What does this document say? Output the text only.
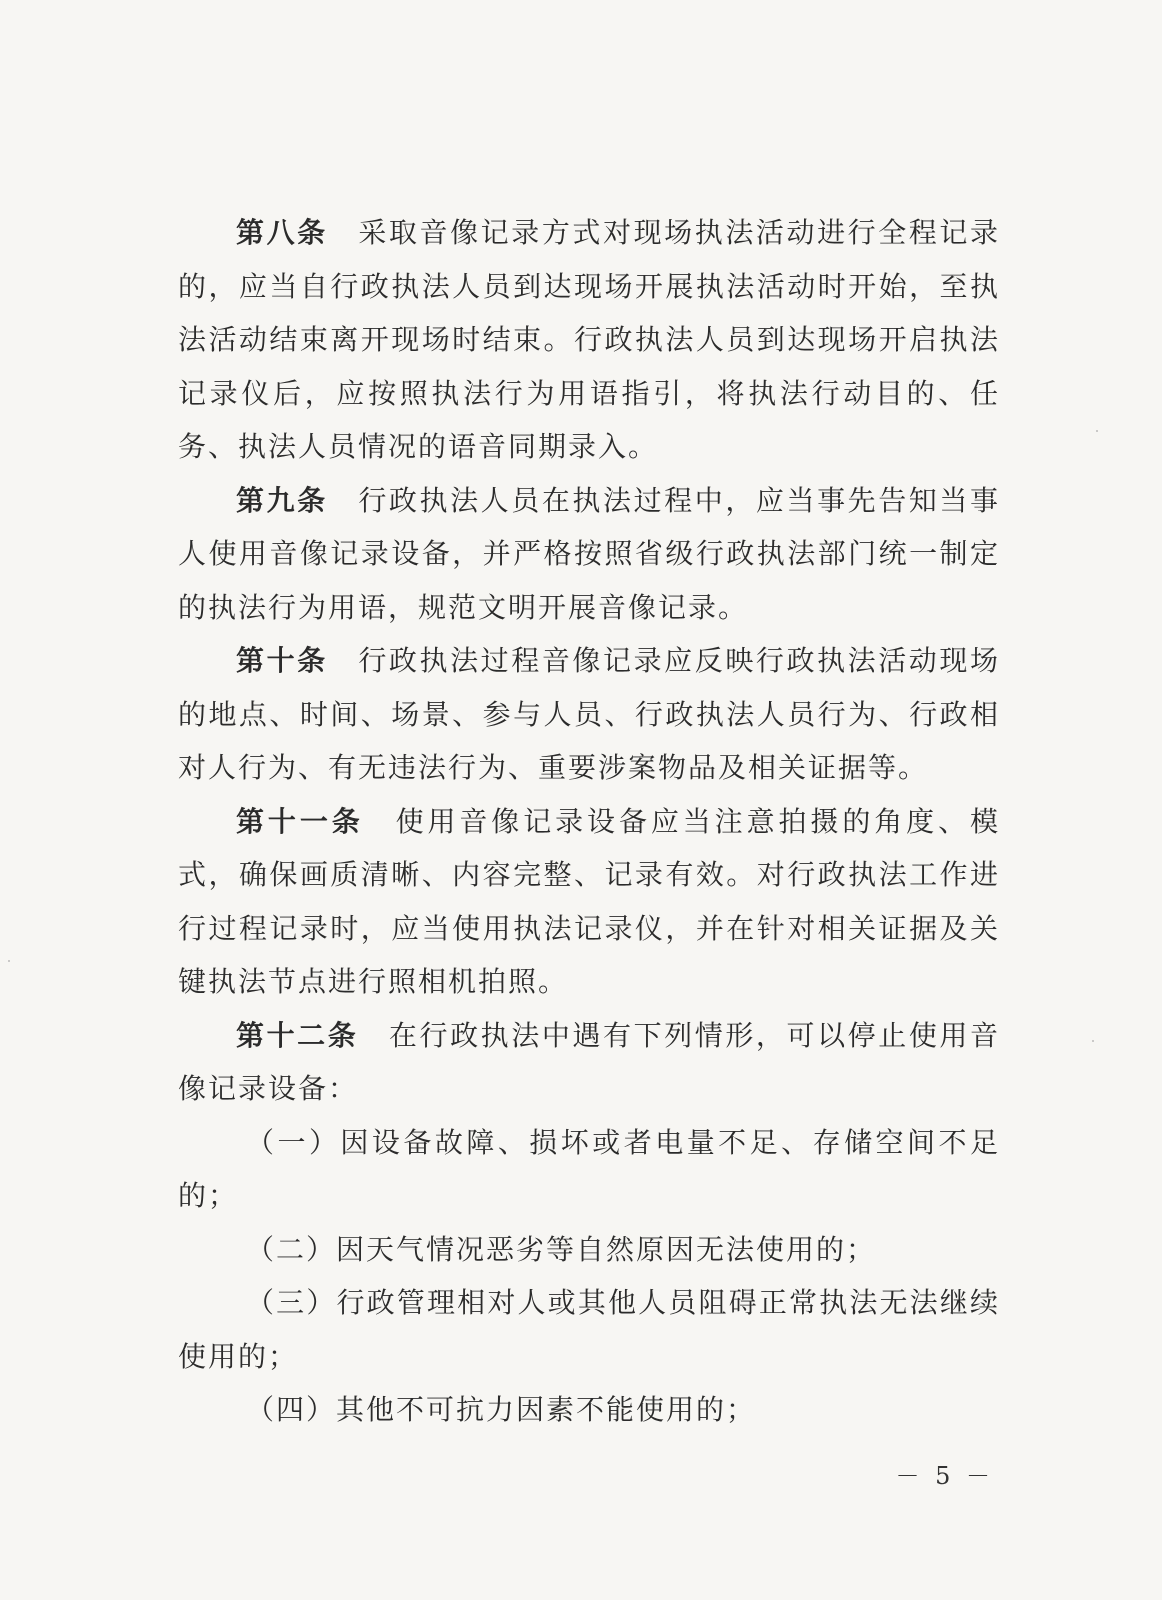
第八条 采取音像记录方式对现场执法活动进行全程记录的，应当自行政执法人员到达现场开展执法活动时开始，至执法活动结束离开现场时结束。行政执法人员到达现场开启执法记录仪后，应按照执法行为用语指引，将执法行动目的、任务、执法人员情况的语音同期录入。

第九条 行政执法人员在执法过程中，应当事先告知当事人使用音像记录设备，并严格按照省级行政执法部门统一制定的执法行为用语，规范文明开展音像记录。

第十条 行政执法过程音像记录应反映行政执法活动现场的地点、时间、场景、参与人员、行政执法人员行为、行政相对人行为、有无违法行为、重要涉案物品及相关证据等。

第十一条 使用音像记录设备应当注意拍摄的角度、模式，确保画质清晰、内容完整、记录有效。对行政执法工作进行过程记录时，应当使用执法记录仪，并在针对相关证据及关键执法节点进行照相机拍照。

第十二条 在行政执法中遇有下列情形，可以停止使用音像记录设备：

（一）因设备故障、损坏或者电量不足、存储空间不足的；

（二）因天气情况恶劣等自然原因无法使用的；

（三）行政管理相对人或其他人员阻碍正常执法无法继续使用的；

（四）其他不可抗力因素不能使用的；

－ 5 －
